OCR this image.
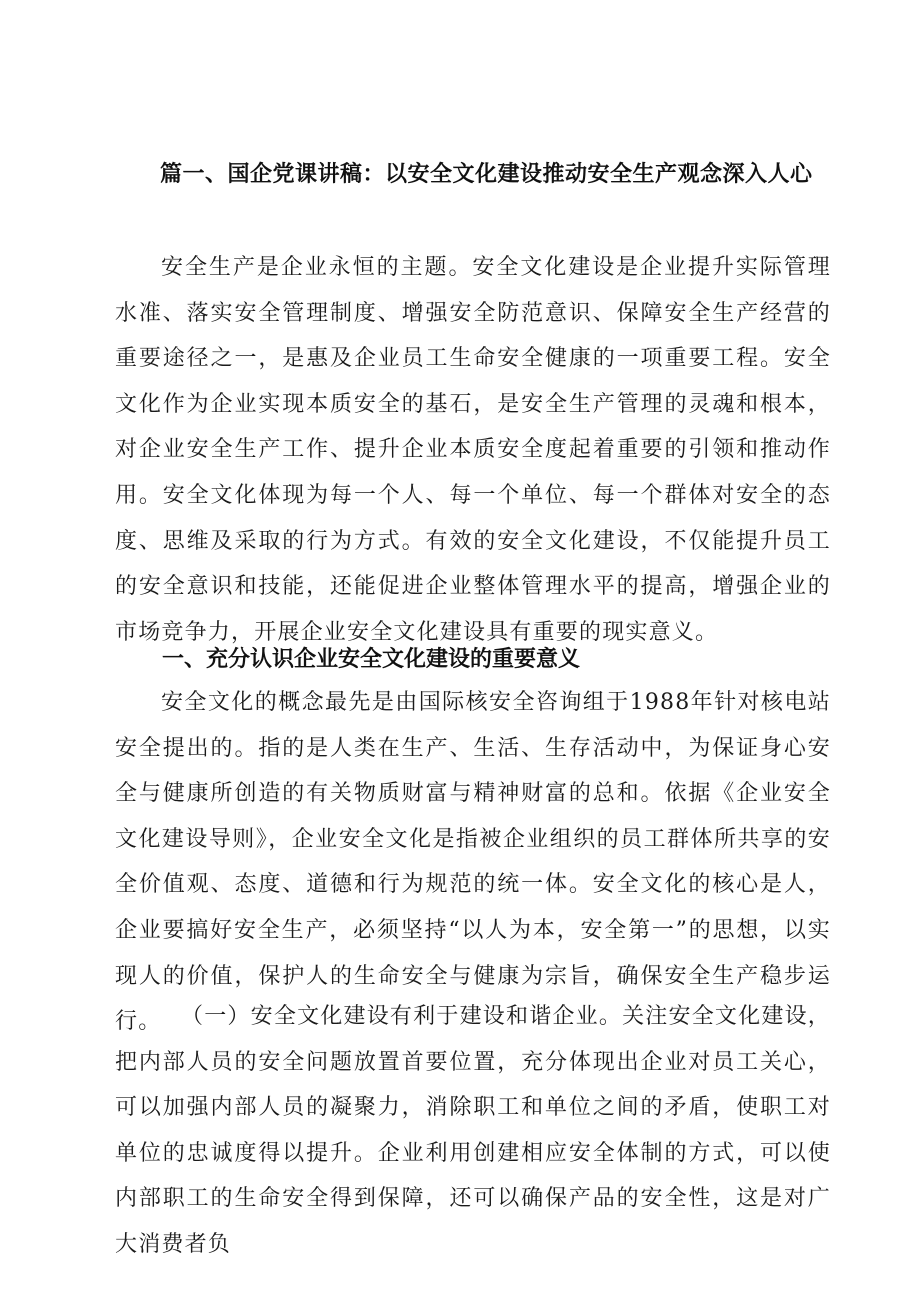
篇一、国企党课讲稿：以安全文化建设推动安全生产观念深入人心

安全生产是企业永恒的主题。安全文化建设是企业提升实际管理水准、落实安全管理制度、增强安全防范意识、保障安全生产经营的重要途径之一，是惠及企业员工生命安全健康的一项重要工程。安全文化作为企业实现本质安全的基石，是安全生产管理的灵魂和根本，对企业安全生产工作、提升企业本质安全度起着重要的引领和推动作用。安全文化体现为每一个人、每一个单位、每一个群体对安全的态度、思维及采取的行为方式。有效的安全文化建设，不仅能提升员工的安全意识和技能，还能促进企业整体管理水平的提高，增强企业的市场竞争力，开展企业安全文化建设具有重要的现实意义。

一、充分认识企业安全文化建设的重要意义

安全文化的概念最先是由国际核安全咨询组于1988年针对核电站安全提出的。指的是人类在生产、生活、生存活动中，为保证身心安全与健康所创造的有关物质财富与精神财富的总和。依据《企业安全文化建设导则》，企业安全文化是指被企业组织的员工群体所共享的安全价值观、态度、道德和行为规范的统一体。安全文化的核心是人，企业要搞好安全生产，必须坚持“以人为本，安全第一”的思想，以实现人的价值，保护人的生命安全与健康为宗旨，确保安全生产稳步运行。 （一）安全文化建设有利于建设和谐企业。关注安全文化建设，把内部人员的安全问题放置首要位置，充分体现出企业对员工关心，可以加强内部人员的凝聚力，消除职工和单位之间的矛盾，使职工对单位的忠诚度得以提升。企业利用创建相应安全体制的方式，可以使内部职工的生命安全得到保障，还可以确保产品的安全性，这是对广大消费者负
